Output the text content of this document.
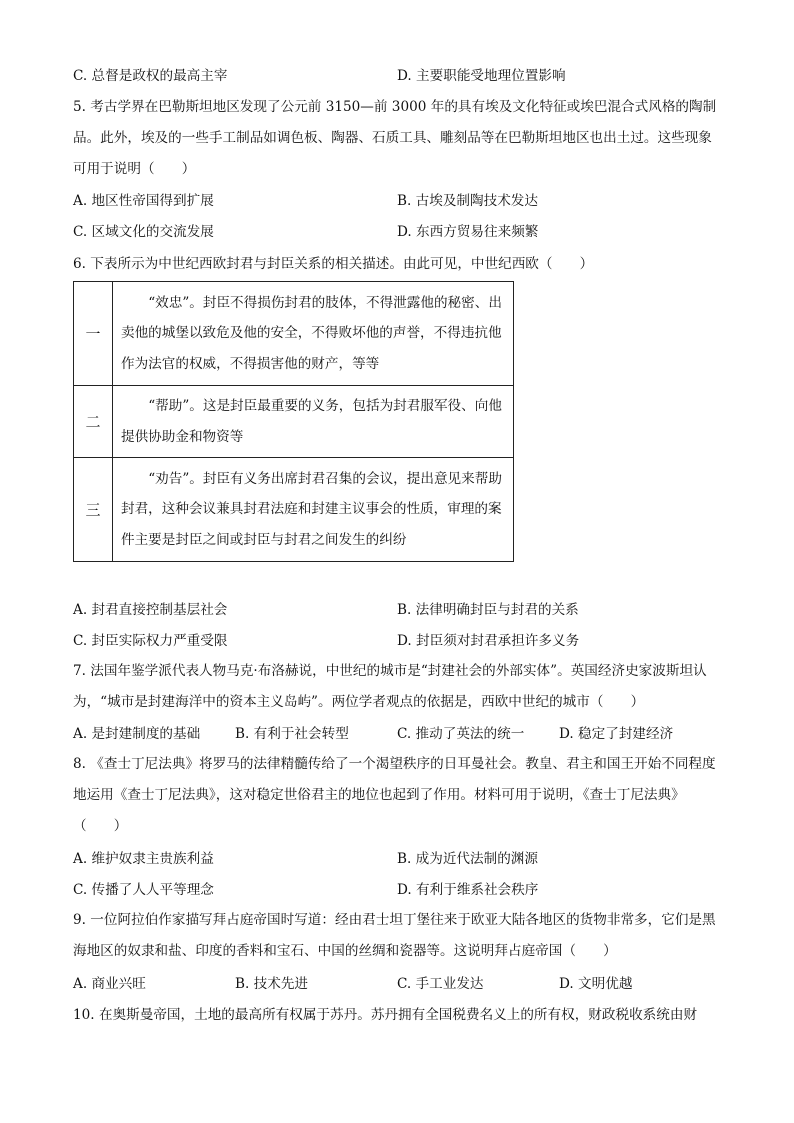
C. 总督是政权的最高主宰	D. 主要职能受地理位置影响
5. 考古学界在巴勒斯坦地区发现了公元前 3150—前 3000 年的具有埃及文化特征或埃巴混合式风格的陶制品。此外，埃及的一些手工制品如调色板、陶器、石质工具、雕刻品等在巴勒斯坦地区也出土过。这些现象可用于说明（　　）
A. 地区性帝国得到扩展	B. 古埃及制陶技术发达
C. 区域文化的交流发展	D. 东西方贸易往来频繁
6. 下表所示为中世纪西欧封君与封臣关系的相关描述。由此可见，中世纪西欧（　　）
一	“效忠”。封臣不得损伤封君的肢体，不得泄露他的秘密、出卖他的城堡以致危及他的安全，不得败坏他的声誉，不得违抗他作为法官的权威，不得损害他的财产，等等
二	“帮助”。这是封臣最重要的义务，包括为封君服军役、向他提供协助金和物资等
三	“劝告”。封臣有义务出席封君召集的会议，提出意见来帮助封君，这种会议兼具封君法庭和封建主议事会的性质，审理的案件主要是封臣之间或封臣与封君之间发生的纠纷
A. 封君直接控制基层社会	B. 法律明确封臣与封君的关系
C. 封臣实际权力严重受限	D. 封臣须对封君承担许多义务
7. 法国年鉴学派代表人物马克·布洛赫说，中世纪的城市是“封建社会的外部实体”。英国经济史家波斯坦认为，“城市是封建海洋中的资本主义岛屿”。两位学者观点的依据是，西欧中世纪的城市（　　）
A. 是封建制度的基础	B. 有利于社会转型	C. 推动了英法的统一	D. 稳定了封建经济
8. 《查士丁尼法典》将罗马的法律精髓传给了一个渴望秩序的日耳曼社会。教皇、君主和国王开始不同程度地运用《查士丁尼法典》，这对稳定世俗君主的地位也起到了作用。材料可用于说明，《查士丁尼法典》（　　）
A. 维护奴隶主贵族利益	B. 成为近代法制的渊源
C. 传播了人人平等理念	D. 有利于维系社会秩序
9. 一位阿拉伯作家描写拜占庭帝国时写道：经由君士坦丁堡往来于欧亚大陆各地区的货物非常多，它们是黑海地区的奴隶和盐、印度的香料和宝石、中国的丝绸和瓷器等。这说明拜占庭帝国（　　）
A. 商业兴旺	B. 技术先进	C. 手工业发达	D. 文明优越
10. 在奥斯曼帝国，土地的最高所有权属于苏丹。苏丹拥有全国税费名义上的所有权，财政税收系统由财
